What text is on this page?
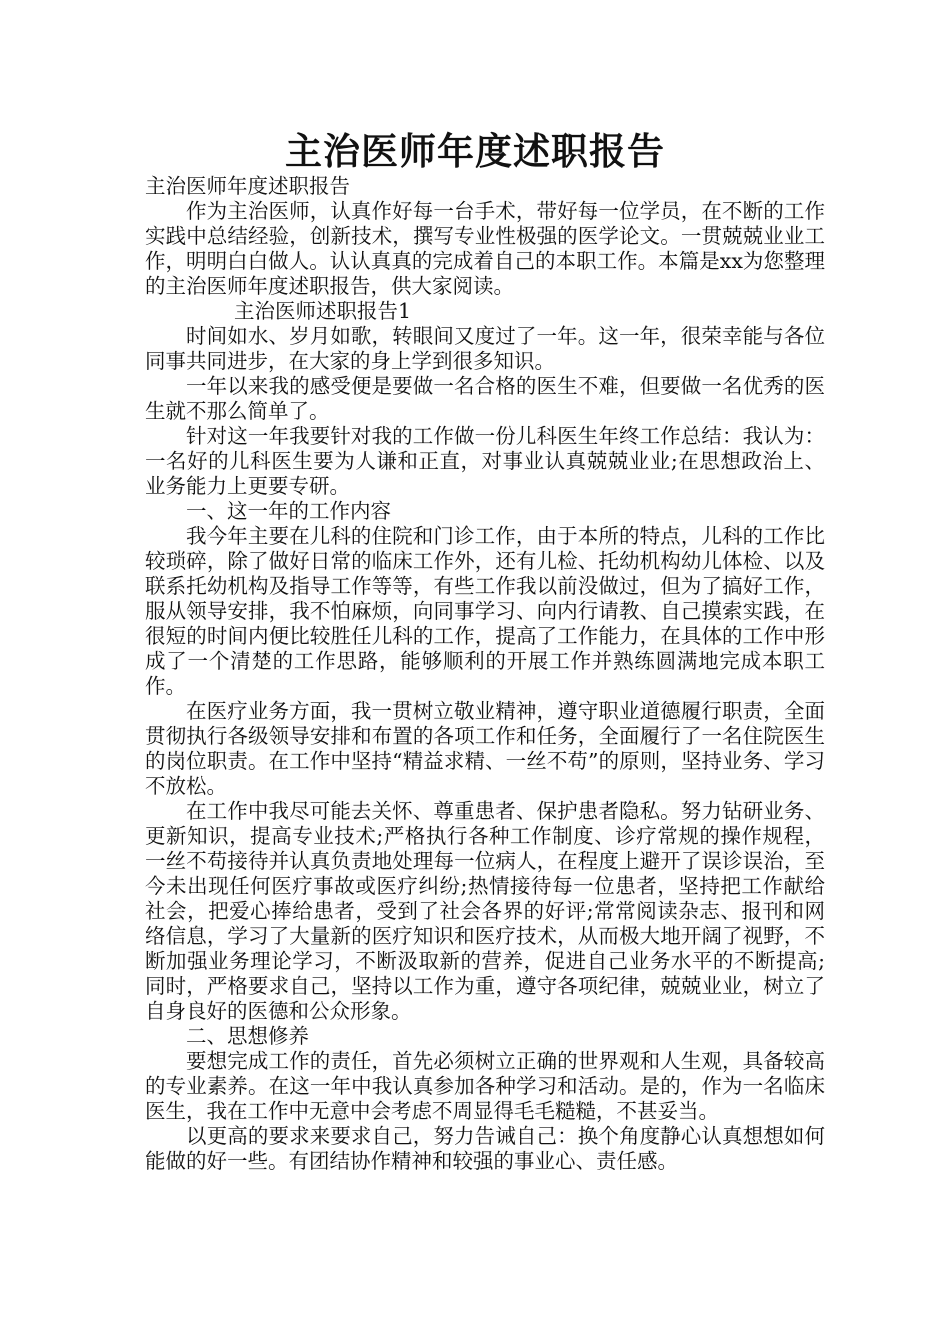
主治医师年度述职报告

主治医师年度述职报告

作为主治医师，认真作好每一台手术，带好每一位学员，在不断的工作实践中总结经验，创新技术，撰写专业性极强的医学论文。一贯兢兢业业工作，明明白白做人。认认真真的完成着自己的本职工作。本篇是xx为您整理的主治医师年度述职报告，供大家阅读。

主治医师述职报告1

时间如水、岁月如歌，转眼间又度过了一年。这一年，很荣幸能与各位同事共同进步，在大家的身上学到很多知识。

一年以来我的感受便是要做一名合格的医生不难，但要做一名优秀的医生就不那么简单了。

针对这一年我要针对我的工作做一份儿科医生年终工作总结：我认为：一名好的儿科医生要为人谦和正直，对事业认真兢兢业业;在思想政治上、业务能力上更要专研。

一、这一年的工作内容

我今年主要在儿科的住院和门诊工作，由于本所的特点，儿科的工作比较琐碎，除了做好日常的临床工作外，还有儿检、托幼机构幼儿体检、以及联系托幼机构及指导工作等等，有些工作我以前没做过，但为了搞好工作，服从领导安排，我不怕麻烦，向同事学习、向内行请教、自己摸索实践，在很短的时间内便比较胜任儿科的工作，提高了工作能力，在具体的工作中形成了一个清楚的工作思路，能够顺利的开展工作并熟练圆满地完成本职工作。

在医疗业务方面，我一贯树立敬业精神，遵守职业道德履行职责，全面贯彻执行各级领导安排和布置的各项工作和任务，全面履行了一名住院医生的岗位职责。在工作中坚持“精益求精、一丝不苟”的原则，坚持业务、学习不放松。

在工作中我尽可能去关怀、尊重患者、保护患者隐私。努力钻研业务、更新知识，提高专业技术;严格执行各种工作制度、诊疗常规的操作规程，一丝不苟接待并认真负责地处理每一位病人，在程度上避开了误诊误治，至今未出现任何医疗事故或医疗纠纷;热情接待每一位患者，坚持把工作献给社会，把爱心捧给患者，受到了社会各界的好评;常常阅读杂志、报刊和网络信息，学习了大量新的医疗知识和医疗技术，从而极大地开阔了视野，不断加强业务理论学习，不断汲取新的营养，促进自己业务水平的不断提高;同时，严格要求自己，坚持以工作为重，遵守各项纪律，兢兢业业，树立了自身良好的医德和公众形象。

二、思想修养

要想完成工作的责任，首先必须树立正确的世界观和人生观，具备较高的专业素养。在这一年中我认真参加各种学习和活动。是的，作为一名临床医生，我在工作中无意中会考虑不周显得毛毛糙糙，不甚妥当。

以更高的要求来要求自己，努力告诫自己：换个角度静心认真想想如何能做的好一些。有团结协作精神和较强的事业心、责任感。
